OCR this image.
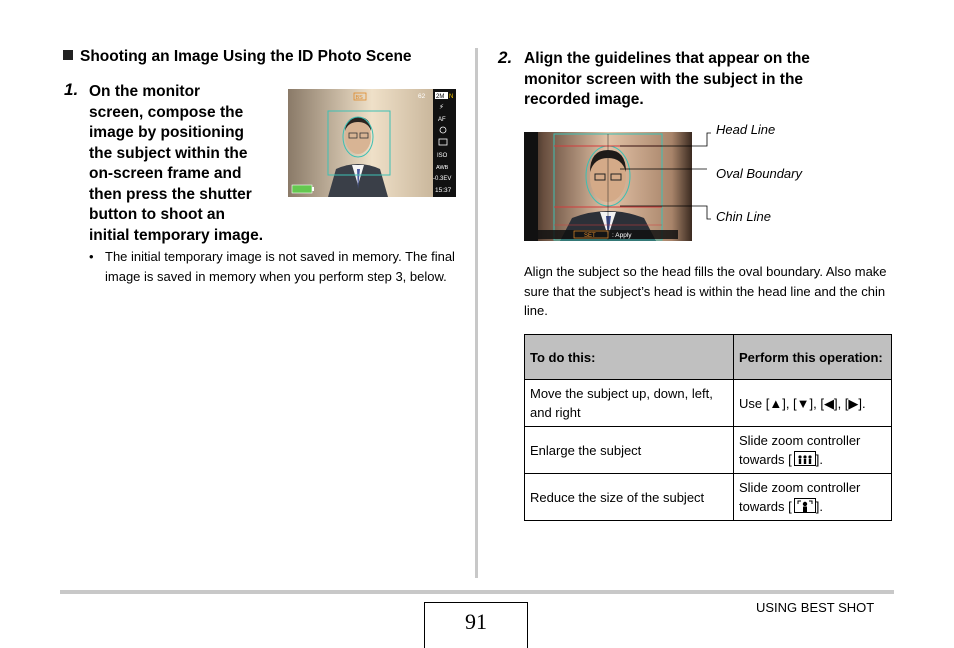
Shooting an Image Using the ID Photo Scene
1. On the monitor
screen, compose the
image by positioning
the subject within the
on-screen frame and
then press the shutter
button to shoot an
initial temporary image.
• The initial temporary image is not saved in memory. The final image is saved in memory when you perform step 3, below.
BS	62 2M N
⚡
AF
ISO
AWB
-0.3EV
15:37
2. Align the guidelines that appear on the
monitor screen with the subject in the
recorded image.
SET	: Apply
Head Line
Oval Boundary
Chin Line
Align the subject so the head fills the oval boundary. Also make sure that the subject’s head is within the head line and the chin line.
To do this:	Perform this operation:
Move the subject up, down, left, and right	Use [▲], [▼], [◀], [▶].
Enlarge the subject	Slide zoom controller towards [ ].
Reduce the size of the subject	Slide zoom controller towards [ ].
91
USING BEST SHOT
